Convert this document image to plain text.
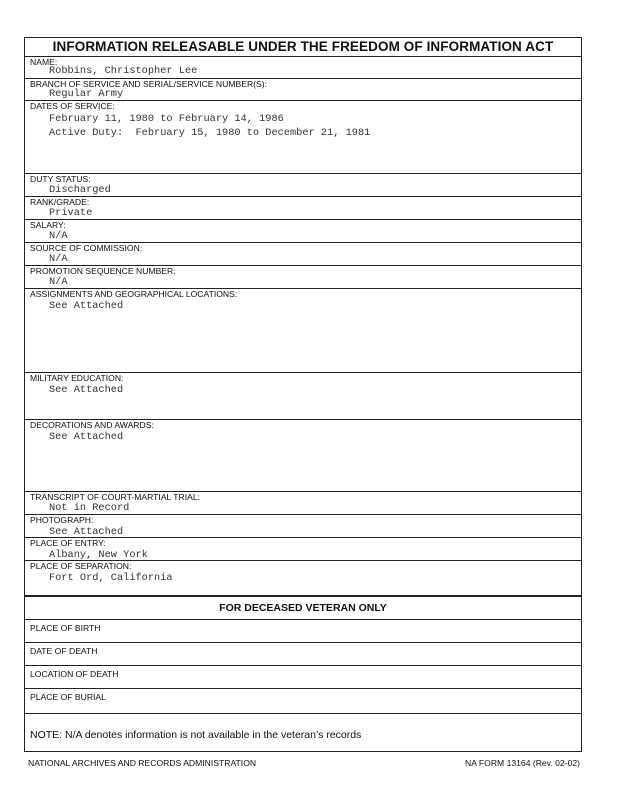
INFORMATION RELEASABLE UNDER THE FREEDOM OF INFORMATION ACT
NAME:
Robbins, Christopher Lee
BRANCH OF SERVICE AND SERIAL/SERVICE NUMBER(S):
Regular Army
DATES OF SERVICE:
February 11, 1980 to February 14, 1986
Active Duty:  February 15, 1980 to December 21, 1981
DUTY STATUS:
Discharged
RANK/GRADE:
Private
SALARY:
N/A
SOURCE OF COMMISSION:
N/A
PROMOTION SEQUENCE NUMBER:
N/A
ASSIGNMENTS AND GEOGRAPHICAL LOCATIONS:
See Attached
MILITARY EDUCATION:
See Attached
DECORATIONS AND AWARDS:
See Attached
TRANSCRIPT OF COURT-MARTIAL TRIAL:
Not in Record
PHOTOGRAPH:
See Attached
PLACE OF ENTRY:
Albany, New York
PLACE OF SEPARATION:
Fort Ord, California
FOR DECEASED VETERAN ONLY
PLACE OF BIRTH
DATE OF DEATH
LOCATION OF DEATH
PLACE OF BURIAL
NOTE: N/A denotes information is not available in the veteran’s records
NATIONAL ARCHIVES AND RECORDS ADMINISTRATION	NA FORM 13164 (Rev. 02-02)
